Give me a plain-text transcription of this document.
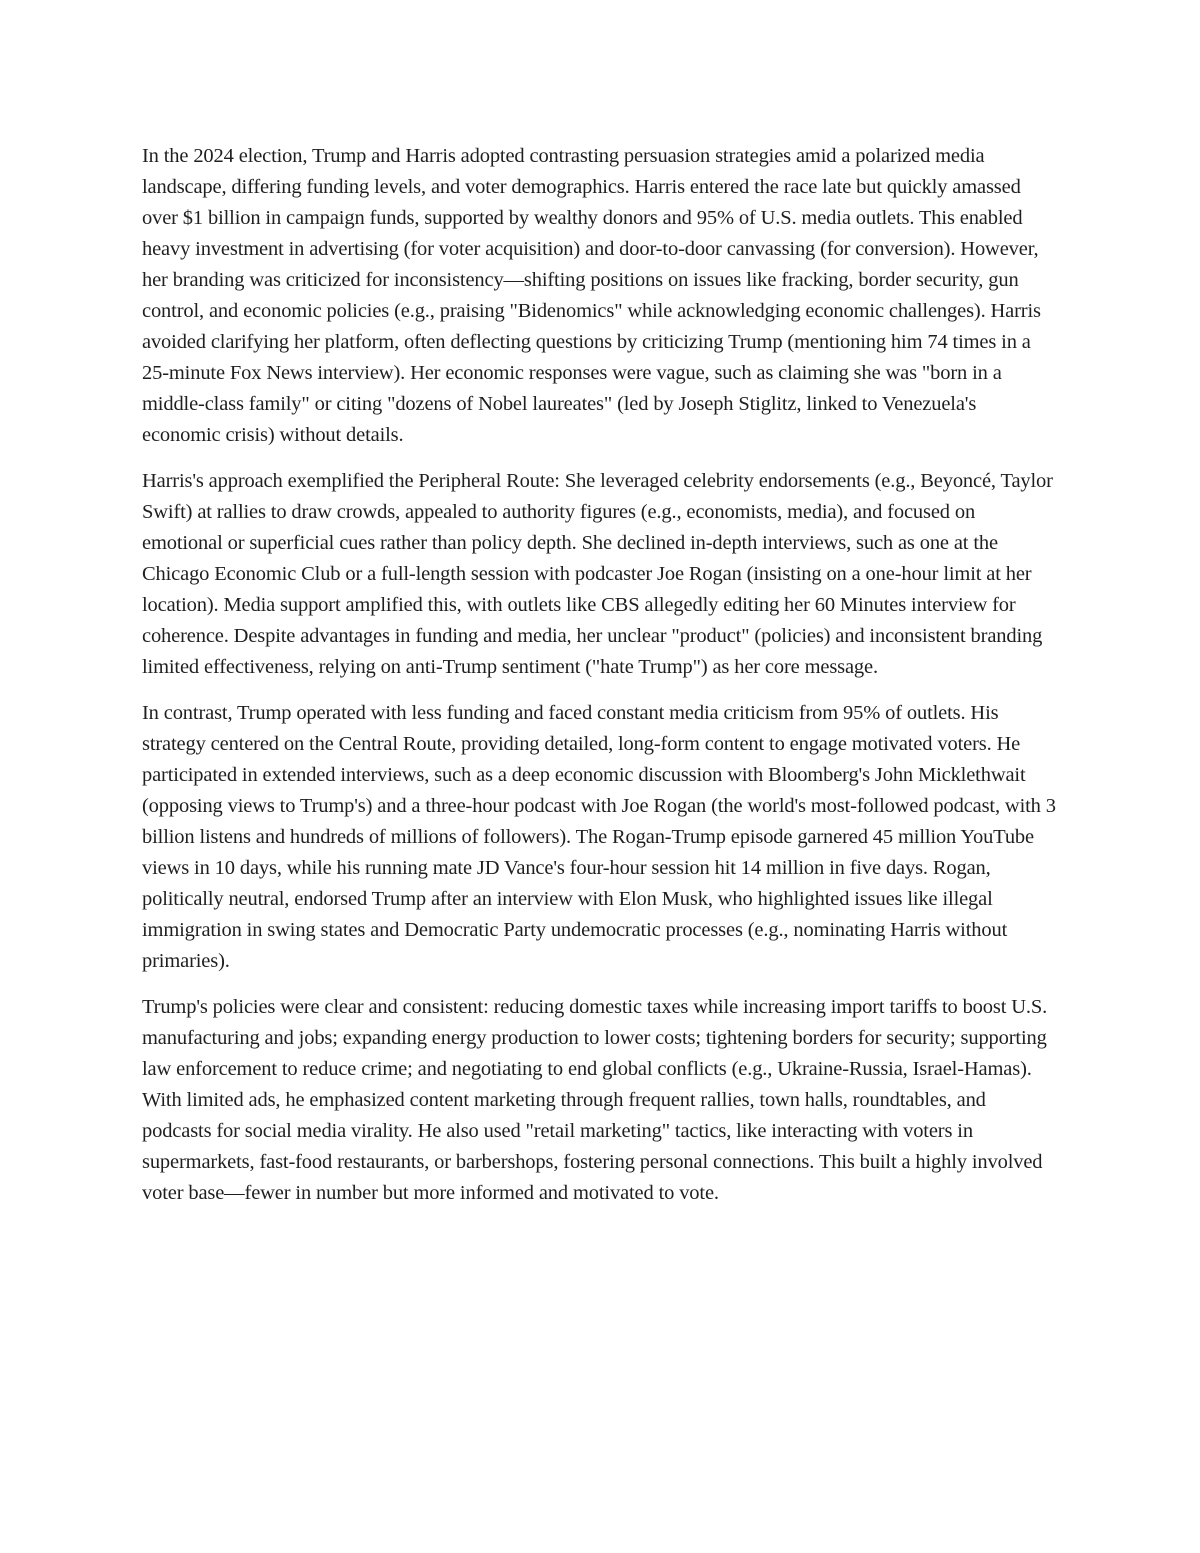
In the 2024 election, Trump and Harris adopted contrasting persuasion strategies amid a polarized media landscape, differing funding levels, and voter demographics. Harris entered the race late but quickly amassed over $1 billion in campaign funds, supported by wealthy donors and 95% of U.S. media outlets. This enabled heavy investment in advertising (for voter acquisition) and door-to-door canvassing (for conversion). However, her branding was criticized for inconsistency—shifting positions on issues like fracking, border security, gun control, and economic policies (e.g., praising "Bidenomics" while acknowledging economic challenges). Harris avoided clarifying her platform, often deflecting questions by criticizing Trump (mentioning him 74 times in a 25-minute Fox News interview). Her economic responses were vague, such as claiming she was "born in a middle-class family" or citing "dozens of Nobel laureates" (led by Joseph Stiglitz, linked to Venezuela's economic crisis) without details.

Harris's approach exemplified the Peripheral Route: She leveraged celebrity endorsements (e.g., Beyoncé, Taylor Swift) at rallies to draw crowds, appealed to authority figures (e.g., economists, media), and focused on emotional or superficial cues rather than policy depth. She declined in-depth interviews, such as one at the Chicago Economic Club or a full-length session with podcaster Joe Rogan (insisting on a one-hour limit at her location). Media support amplified this, with outlets like CBS allegedly editing her 60 Minutes interview for coherence. Despite advantages in funding and media, her unclear "product" (policies) and inconsistent branding limited effectiveness, relying on anti-Trump sentiment ("hate Trump") as her core message.

In contrast, Trump operated with less funding and faced constant media criticism from 95% of outlets. His strategy centered on the Central Route, providing detailed, long-form content to engage motivated voters. He participated in extended interviews, such as a deep economic discussion with Bloomberg's John Micklethwait (opposing views to Trump's) and a three-hour podcast with Joe Rogan (the world's most-followed podcast, with 3 billion listens and hundreds of millions of followers). The Rogan-Trump episode garnered 45 million YouTube views in 10 days, while his running mate JD Vance's four-hour session hit 14 million in five days. Rogan, politically neutral, endorsed Trump after an interview with Elon Musk, who highlighted issues like illegal immigration in swing states and Democratic Party undemocratic processes (e.g., nominating Harris without primaries).

Trump's policies were clear and consistent: reducing domestic taxes while increasing import tariffs to boost U.S. manufacturing and jobs; expanding energy production to lower costs; tightening borders for security; supporting law enforcement to reduce crime; and negotiating to end global conflicts (e.g., Ukraine-Russia, Israel-Hamas). With limited ads, he emphasized content marketing through frequent rallies, town halls, roundtables, and podcasts for social media virality. He also used "retail marketing" tactics, like interacting with voters in supermarkets, fast-food restaurants, or barbershops, fostering personal connections. This built a highly involved voter base—fewer in number but more informed and motivated to vote.
